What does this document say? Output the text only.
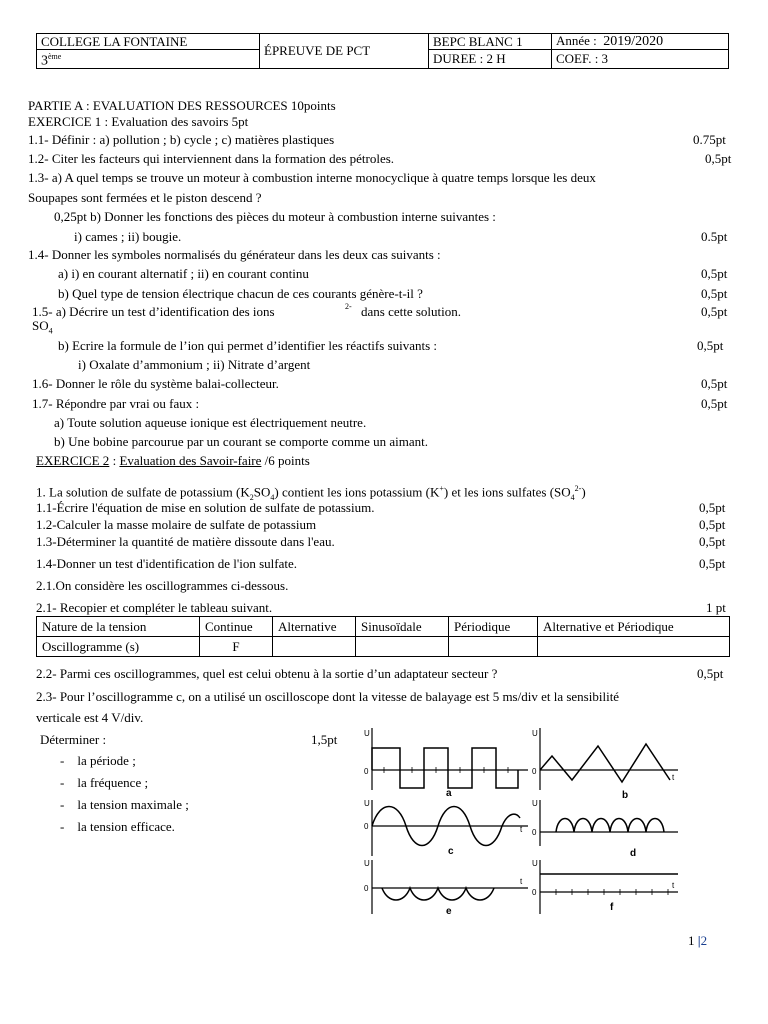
COLLEGE LA FONTAINE	ÉPREUVE DE PCT	BEPC BLANC 1	Année : 2019/2020
3ème		DUREE : 2 H	COEF. : 3
PARTIE A : EVALUATION DES RESSOURCES 10points
EXERCICE 1 : Evaluation des savoirs 5pt
1.1- Définir : a) pollution ; b) cycle ; c) matières plastiques	0.75pt
1.2- Citer les facteurs qui interviennent dans la formation des pétroles.	0,5pt
1.3- a) A quel temps se trouve un moteur à combustion interne monocyclique à quatre temps lorsque les deux
Soupapes sont fermées et le piston descend ?
0,25pt b) Donner les fonctions des pièces du moteur à combustion interne suivantes :
i) cames ; ii) bougie.	0.5pt
1.4- Donner les symboles normalisés du générateur dans les deux cas suivants :
a) i) en courant alternatif ; ii) en courant continu	0,5pt
b) Quel type de tension électrique chacun de ces courants génère-t-il ?	0,5pt
1.5- a) Décrire un test d’identification des ions	2- dans cette solution.	0,5pt
$SO_4$
b) Ecrire la formule de l’ion qui permet d’identifier les réactifs suivants :	0,5pt
i) Oxalate d’ammonium ; ii) Nitrate d’argent
1.6- Donner le rôle du système balai-collecteur.	0,5pt
1.7- Répondre par vrai ou faux :	0,5pt
a) Toute solution aqueuse ionique est électriquement neutre.
b) Une bobine parcourue par un courant se comporte comme un aimant.
EXERCICE 2 : Evaluation des Savoir-faire /6 points
1. La solution de sulfate de potassium $(K_2SO_4)$ contient les ions potassium (K+) et les ions sulfates $(SO_4^{2-})$
1.1-Écrire l'équation de mise en solution de sulfate de potassium.	0,5pt
1.2-Calculer la masse molaire de sulfate de potassium	0,5pt
1.3-Déterminer la quantité de matière dissoute dans l'eau.	0,5pt
1.4-Donner un test d'identification de l'ion sulfate.	0,5pt
2.1.On considère les oscillogrammes ci-dessous.
2.1- Recopier et compléter le tableau suivant.	1 pt
Nature de la tension	Continue	Alternative	Sinusoïdale	Périodique	Alternative et Périodique
Oscillogramme (s)	F				
2.2- Parmi ces oscillogrammes, quel est celui obtenu à la sortie d’un adaptateur secteur ?	0,5pt
2.3- Pour l’oscillogramme c, on a utilisé un oscilloscope dont la vitesse de balayage est 5 ms/div et la sensibilité
verticale est 4 V/div.
Déterminer :	1,5pt
-    la période ;
-    la fréquence ;
-    la tension maximale ;
-    la tension efficace.
U
0
U
0
t
U
0	t
U
0
U
0
t
U
0
t
a	b
c	d
e	f
1 |2
